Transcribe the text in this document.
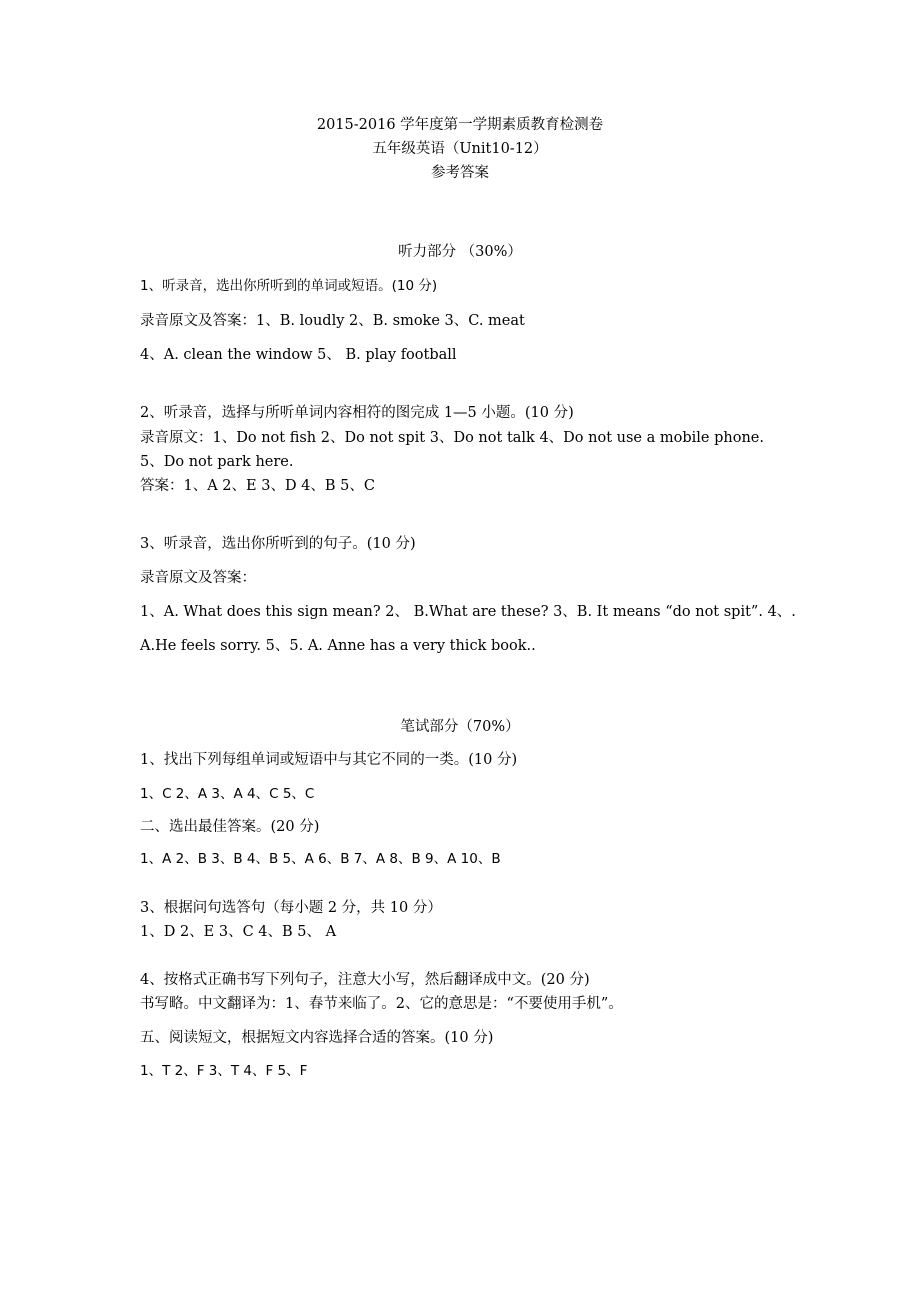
2015-2016 学年度第一学期素质教育检测卷
五年级英语（Unit10-12）
参考答案
听力部分 （30%）
1、听录音，选出你所听到的单词或短语。(10 分)
录音原文及答案：1、B. loudly 2、B. smoke 3、C. meat
4、A. clean the window 5、 B. play football
2、听录音，选择与所听单词内容相符的图完成 1—5 小题。(10 分)
录音原文：1、Do not fish 2、Do not spit 3、Do not talk 4、Do not use a mobile phone.
5、Do not park here.
答案：1、A 2、E 3、D 4、B 5、C
3、听录音，选出你所听到的句子。(10 分)
录音原文及答案：
1、A. What does this sign mean? 2、 B.What are these? 3、B. It means “do not spit”. 4、.
A.He feels sorry. 5、5. A. Anne has a very thick book..
笔试部分（70%）
1、找出下列每组单词或短语中与其它不同的一类。(10 分)
1、C 2、A 3、A 4、C 5、C
二、选出最佳答案。(20 分)
1、A 2、B 3、B 4、B 5、A 6、B 7、A 8、B 9、A 10、B
3、根据问句选答句（每小题 2 分，共 10 分）
1、D 2、E 3、C 4、B 5、 A
4、按格式正确书写下列句子，注意大小写，然后翻译成中文。(20 分)
书写略。中文翻译为：1、春节来临了。2、它的意思是：“不要使用手机”。
五、阅读短文，根据短文内容选择合适的答案。(10 分)
1、T 2、F 3、T 4、F 5、F
